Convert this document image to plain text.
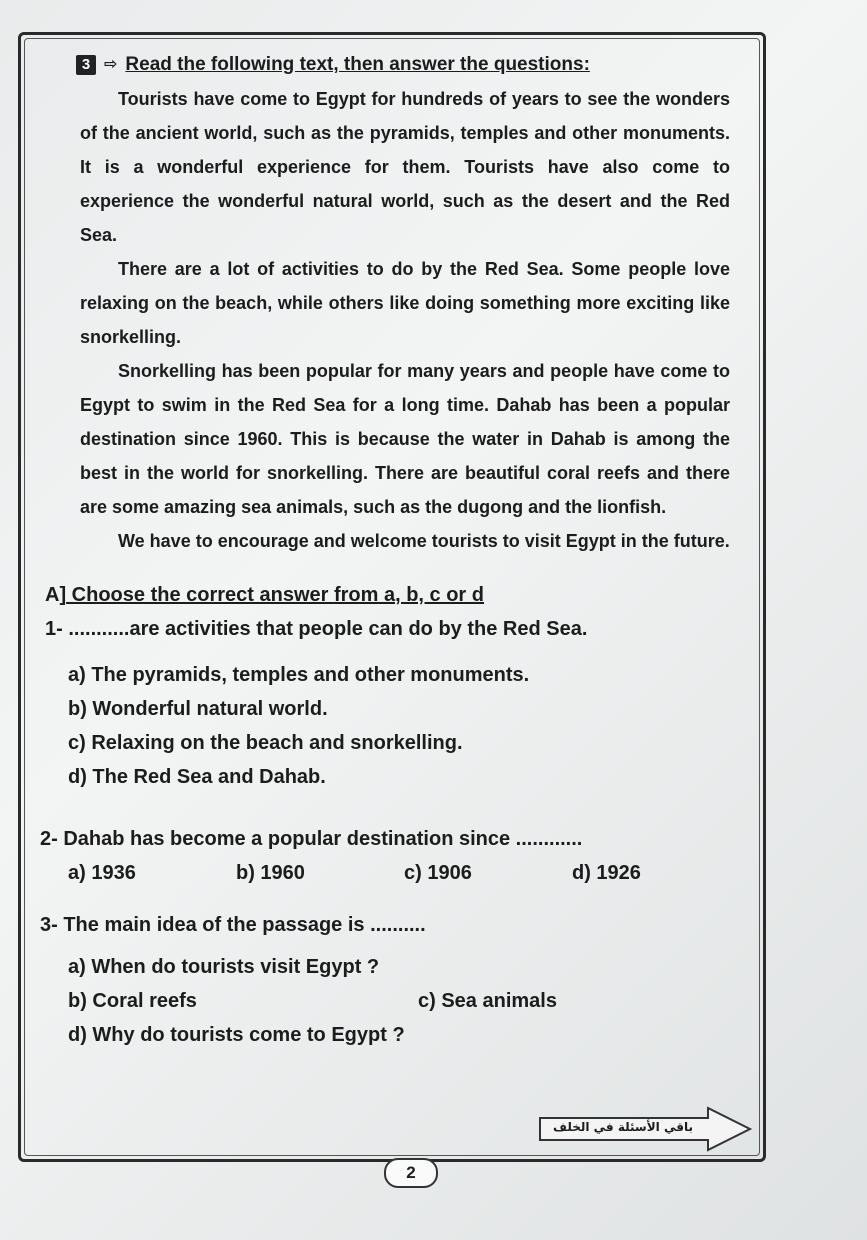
3 ⇨ Read the following text, then answer the questions:

Tourists have come to Egypt for hundreds of years to see the wonders of the ancient world, such as the pyramids, temples and other monuments. It is a wonderful experience for them. Tourists have also come to experience the wonderful natural world, such as the desert and the Red Sea.

There are a lot of activities to do by the Red Sea. Some people love relaxing on the beach, while others like doing something more exciting like snorkelling.

Snorkelling has been popular for many years and people have come to Egypt to swim in the Red Sea for a long time. Dahab has been a popular destination since 1960. This is because the water in Dahab is among the best in the world for snorkelling. There are beautiful coral reefs and there are some amazing sea animals, such as the dugong and the lionfish.

We have to encourage and welcome tourists to visit Egypt in the future.

A] Choose the correct answer from a, b, c or d
1- ...........are activities that people can do by the Red Sea.
a) The pyramids, temples and other monuments.
b) Wonderful natural world.
c) Relaxing on the beach and snorkelling.
d) The Red Sea and Dahab.
2- Dahab has become a popular destination since ............
a) 1936	b) 1960	c) 1906	d) 1926
3- The main idea of the passage is ..........
a) When do tourists visit Egypt ?
b) Coral reefs	c) Sea animals
d) Why do tourists come to Egypt ?
باقي الأسئلة في الخلف
2
